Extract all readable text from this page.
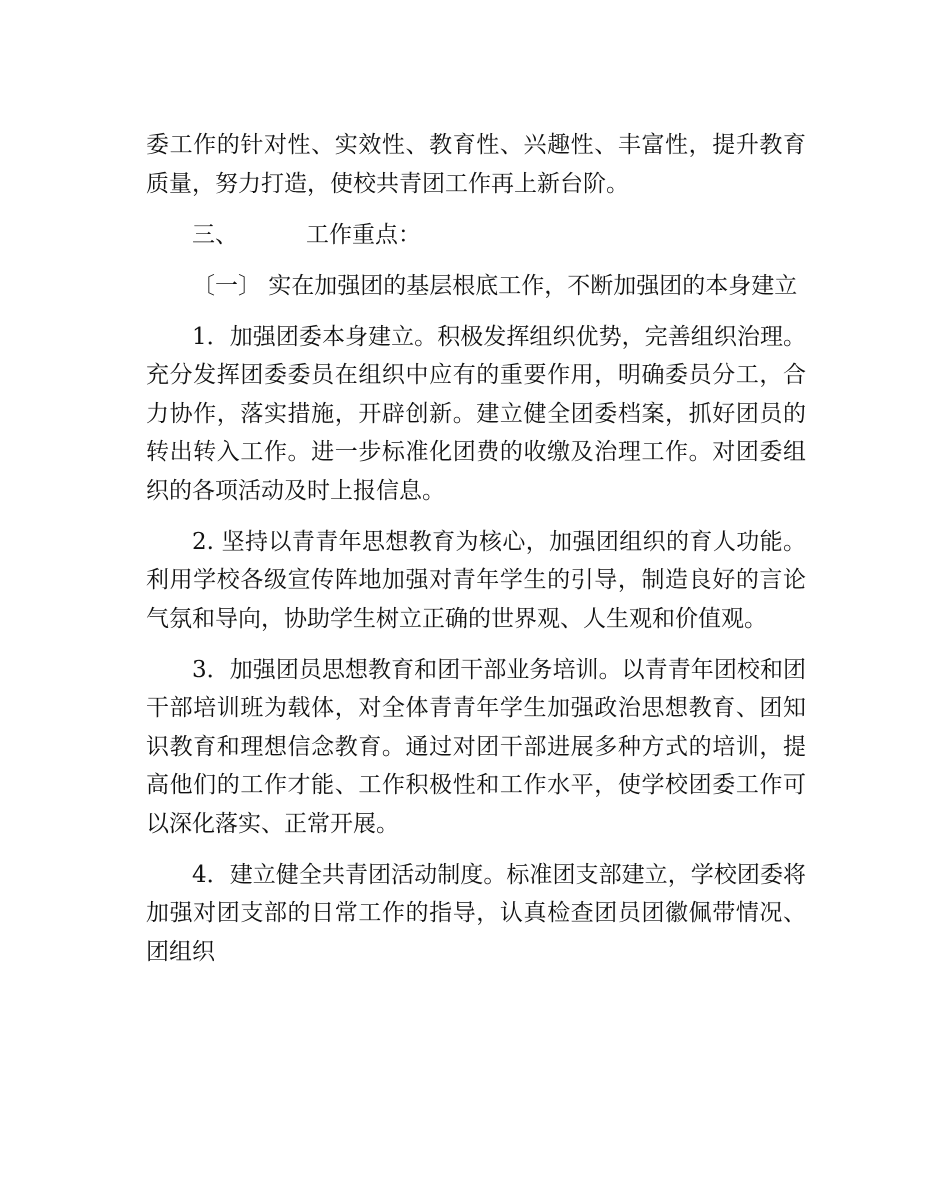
委工作的针对性、实效性、教育性、兴趣性、丰富性，提升教育质量，努力打造，使校共青团工作再上新台阶。

三、	工作重点：

〔一〕 实在加强团的基层根底工作，不断加强团的本身建立

1．加强团委本身建立。积极发挥组织优势，完善组织治理。充分发挥团委委员在组织中应有的重要作用，明确委员分工，合力协作，落实措施，开辟创新。建立健全团委档案，抓好团员的转出转入工作。进一步标准化团费的收缴及治理工作。对团委组织的各项活动及时上报信息。

2. 坚持以青青年思想教育为核心，加强团组织的育人功能。利用学校各级宣传阵地加强对青年学生的引导，制造良好的言论气氛和导向，协助学生树立正确的世界观、人生观和价值观。

3．加强团员思想教育和团干部业务培训。以青青年团校和团干部培训班为载体，对全体青青年学生加强政治思想教育、团知识教育和理想信念教育。通过对团干部进展多种方式的培训，提高他们的工作才能、工作积极性和工作水平，使学校团委工作可以深化落实、正常开展。

4．建立健全共青团活动制度。标准团支部建立，学校团委将加强对团支部的日常工作的指导，认真检查团员团徽佩带情况、团组织
